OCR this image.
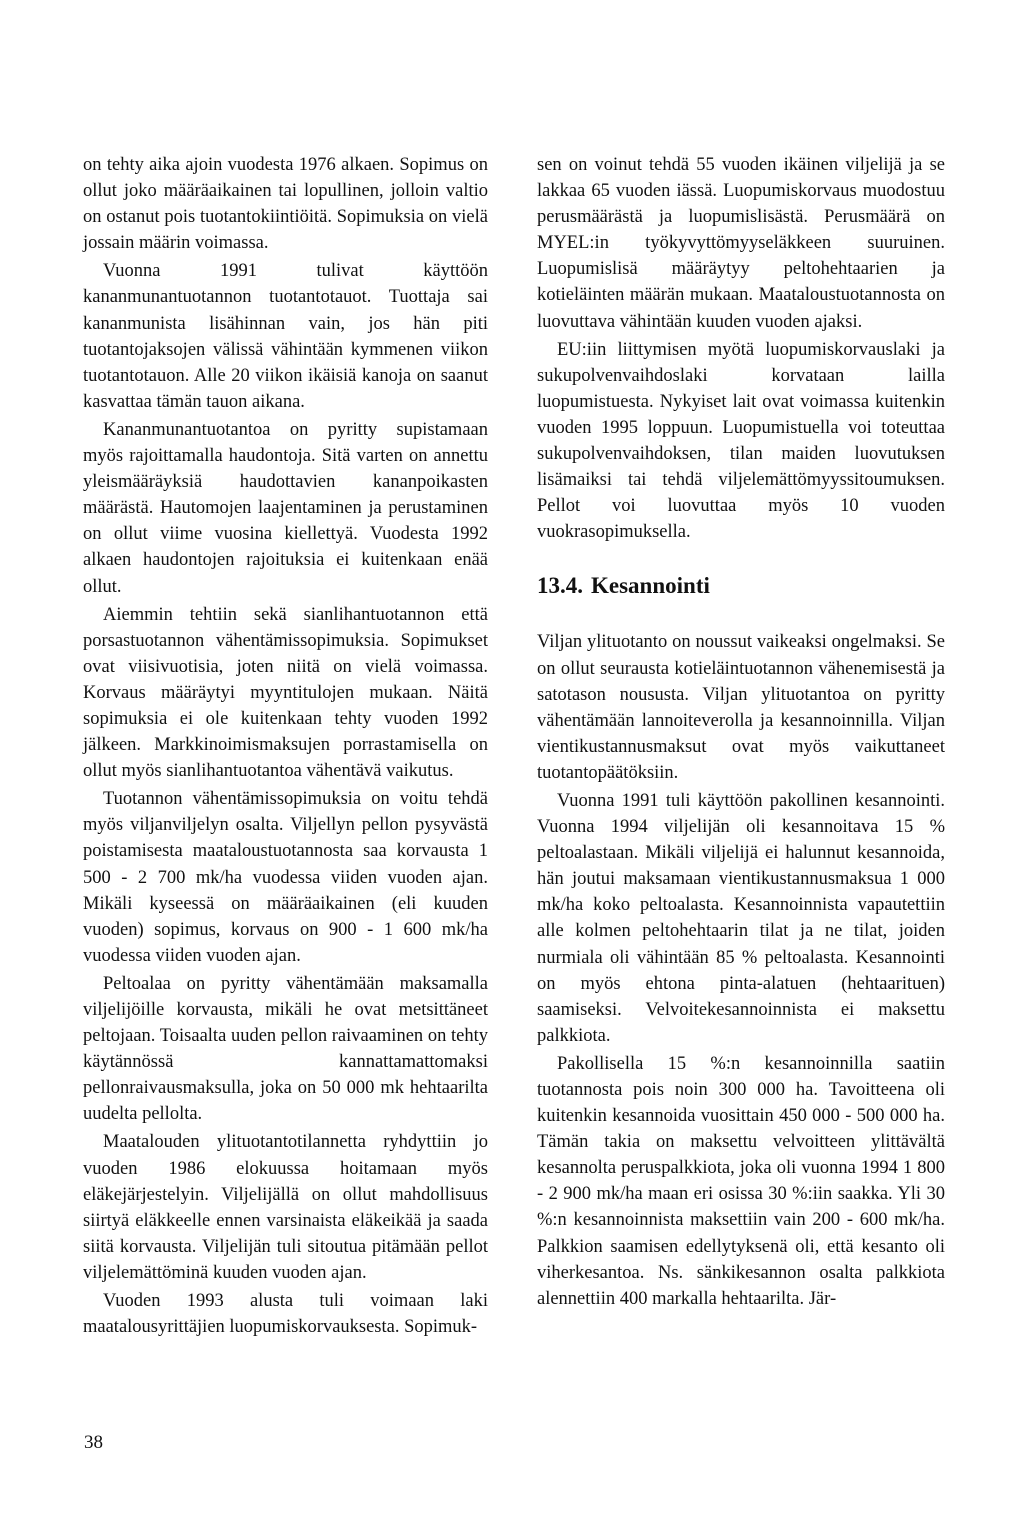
on tehty aika ajoin vuodesta 1976 alkaen. Sopimus on ollut joko määräaikainen tai lopullinen, jolloin valtio on ostanut pois tuotantokiintiöitä. Sopimuksia on vielä jossain määrin voimassa.

Vuonna 1991 tulivat käyttöön kananmunantuotannon tuotantotauot. Tuottaja sai kananmunista lisähinnan vain, jos hän piti tuotantojaksojen välissä vähintään kymmenen viikon tuotantotauon. Alle 20 viikon ikäisiä kanoja on saanut kasvattaa tämän tauon aikana.

Kananmunantuotantoa on pyritty supistamaan myös rajoittamalla haudontoja. Sitä varten on annettu yleismääräyksiä haudottavien kananpoikasten määrästä. Hautomojen laajentaminen ja perustaminen on ollut viime vuosina kiellettyä. Vuodesta 1992 alkaen haudontojen rajoituksia ei kuitenkaan enää ollut.

Aiemmin tehtiin sekä sianlihantuotannon että porsastuotannon vähentämissopimuksia. Sopimukset ovat viisivuotisia, joten niitä on vielä voimassa. Korvaus määräytyi myyntitulojen mukaan. Näitä sopimuksia ei ole kuitenkaan tehty vuoden 1992 jälkeen. Markkinoimismaksujen porrastamisella on ollut myös sianlihantuotantoa vähentävä vaikutus.

Tuotannon vähentämissopimuksia on voitu tehdä myös viljanviljelyn osalta. Viljellyn pellon pysyvästä poistamisesta maataloustuotannosta saa korvausta 1 500 - 2 700 mk/ha vuodessa viiden vuoden ajan. Mikäli kyseessä on määräaikainen (eli kuuden vuoden) sopimus, korvaus on 900 - 1 600 mk/ha vuodessa viiden vuoden ajan.

Peltoalaa on pyritty vähentämään maksamalla viljelijöille korvausta, mikäli he ovat metsittäneet peltojaan. Toisaalta uuden pellon raivaaminen on tehty käytännössä kannattamattomaksi pellonraivausmaksulla, joka on 50 000 mk hehtaarilta uudelta pellolta.

Maatalouden ylituotantotilannetta ryhdyttiin jo vuoden 1986 elokuussa hoitamaan myös eläkejärjestelyin. Viljelijällä on ollut mahdollisuus siirtyä eläkkeelle ennen varsinaista eläkeikää ja saada siitä korvausta. Viljelijän tuli sitoutua pitämään pellot viljelemättöminä kuuden vuoden ajan.

Vuoden 1993 alusta tuli voimaan laki maatalousyrittäjien luopumiskorvauksesta. Sopimuk-

sen on voinut tehdä 55 vuoden ikäinen viljelijä ja se lakkaa 65 vuoden iässä. Luopumiskorvaus muodostuu perusmäärästä ja luopumislisästä. Perusmäärä on MYEL:in työkyvyttömyyseläkkeen suuruinen. Luopumislisä määräytyy peltohehtaarien ja kotieläinten määrän mukaan. Maataloustuotannosta on luovuttava vähintään kuuden vuoden ajaksi.

EU:iin liittymisen myötä luopumiskorvauslaki ja sukupolvenvaihdoslaki korvataan lailla luopumistuesta. Nykyiset lait ovat voimassa kuitenkin vuoden 1995 loppuun. Luopumistuella voi toteuttaa sukupolvenvaihdoksen, tilan maiden luovutuksen lisämaiksi tai tehdä viljelemättömyyssitoumuksen. Pellot voi luovuttaa myös 10 vuoden vuokrasopimuksella.

13.4. Kesannointi

Viljan ylituotanto on noussut vaikeaksi ongelmaksi. Se on ollut seurausta kotieläintuotannon vähenemisestä ja satotason noususta. Viljan ylituotantoa on pyritty vähentämään lannoiteverolla ja kesannoinnilla. Viljan vientikustannusmaksut ovat myös vaikuttaneet tuotantopäätöksiin.

Vuonna 1991 tuli käyttöön pakollinen kesannointi. Vuonna 1994 viljelijän oli kesannoitava 15 % peltoalastaan. Mikäli viljelijä ei halunnut kesannoida, hän joutui maksamaan vientikustannusmaksua 1 000 mk/ha koko peltoalasta. Kesannoinnista vapautettiin alle kolmen peltohehtaarin tilat ja ne tilat, joiden nurmiala oli vähintään 85 % peltoalasta. Kesannointi on myös ehtona pinta-alatuen (hehtaarituen) saamiseksi. Velvoitekesannoinnista ei maksettu palkkiota.

Pakollisella 15 %:n kesannoinnilla saatiin tuotannosta pois noin 300 000 ha. Tavoitteena oli kuitenkin kesannoida vuosittain 450 000 - 500 000 ha. Tämän takia on maksettu velvoitteen ylittävältä kesannolta peruspalkkiota, joka oli vuonna 1994 1 800 - 2 900 mk/ha maan eri osissa 30 %:iin saakka. Yli 30 %:n kesannoinnista maksettiin vain 200 - 600 mk/ha. Palkkion saamisen edellytyksenä oli, että kesanto oli viherkesantoa. Ns. sänkikesannon osalta palkkiota alennettiin 400 markalla hehtaarilta. Jär-

38
